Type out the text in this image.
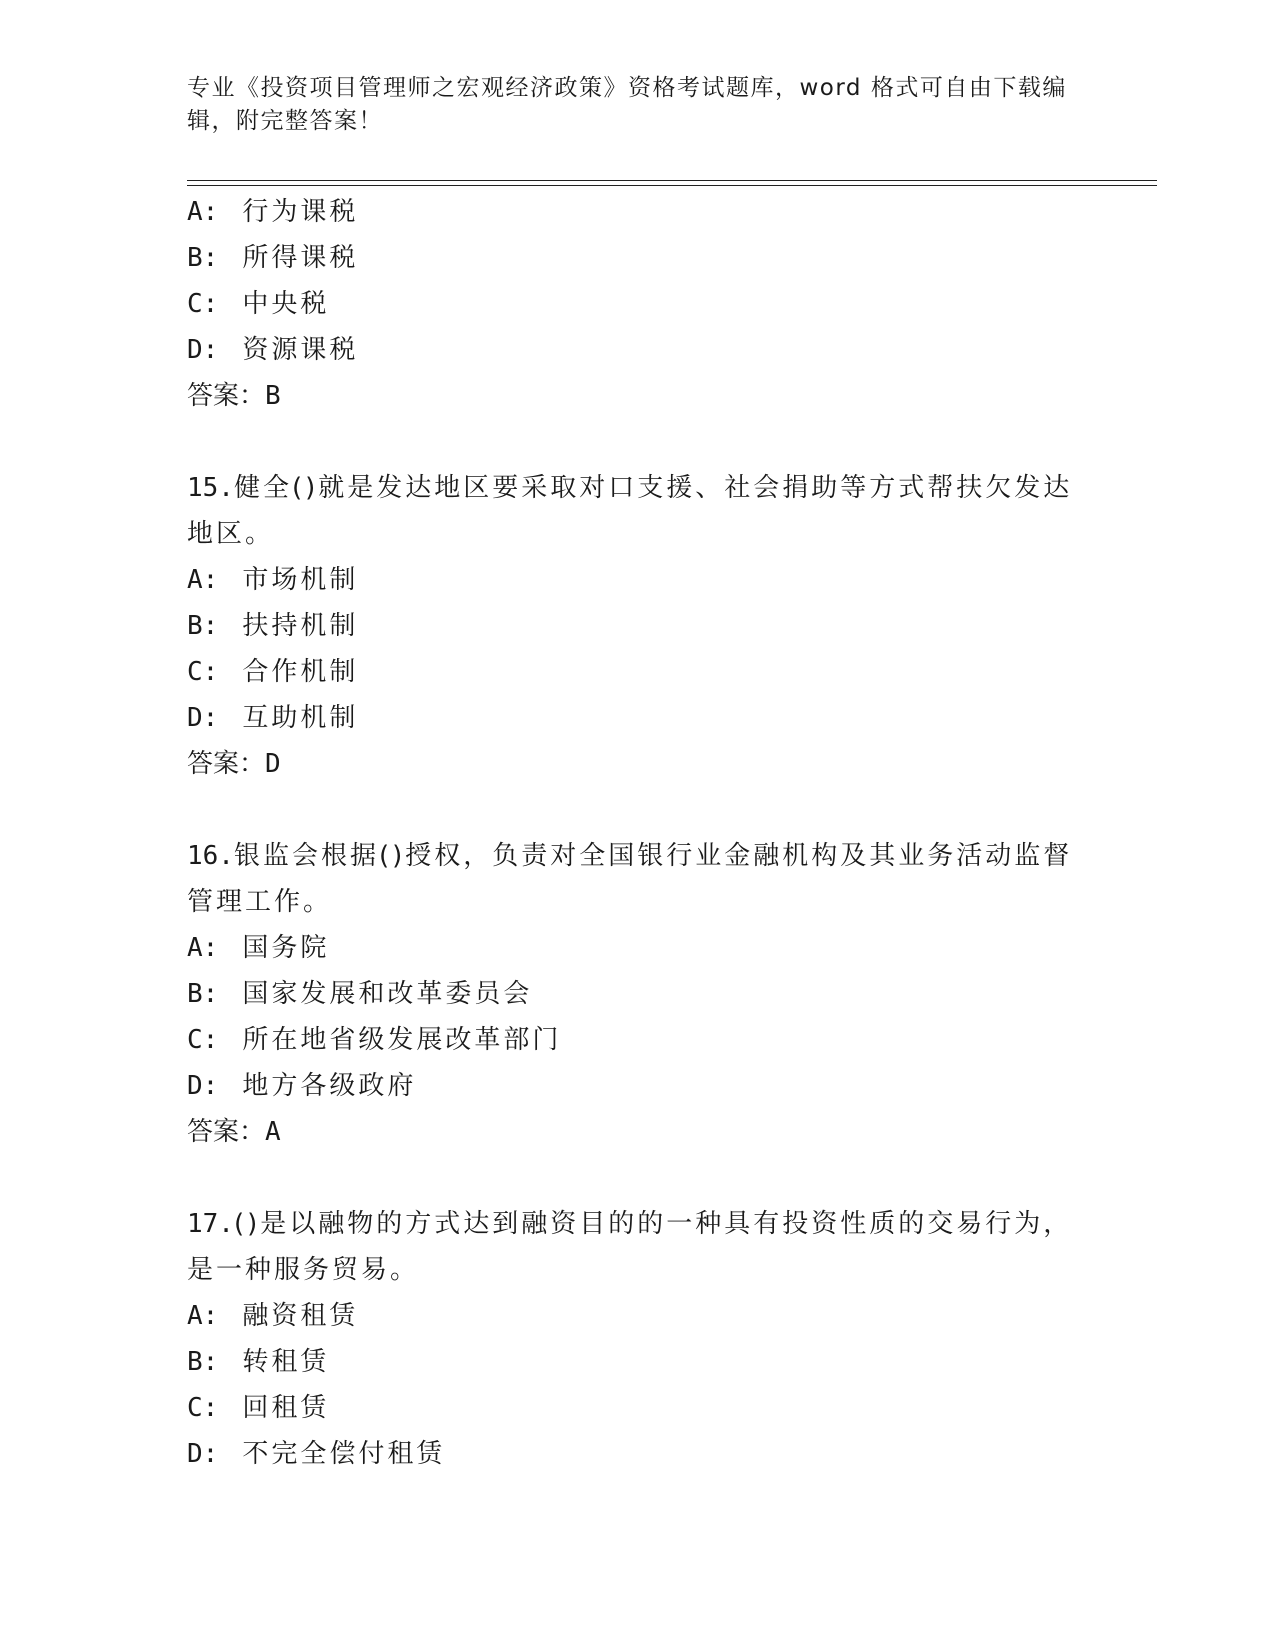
专业《投资项目管理师之宏观经济政策》资格考试题库，word 格式可自由下载编
辑，附完整答案！
A: 行为课税
B: 所得课税
C: 中央税
D: 资源课税
答案：B
15.健全()就是发达地区要采取对口支援、社会捐助等方式帮扶欠发达
地区。
A: 市场机制
B: 扶持机制
C: 合作机制
D: 互助机制
答案：D
16.银监会根据()授权，负责对全国银行业金融机构及其业务活动监督
管理工作。
A: 国务院
B: 国家发展和改革委员会
C: 所在地省级发展改革部门
D: 地方各级政府
答案：A
17.()是以融物的方式达到融资目的的一种具有投资性质的交易行为，
是一种服务贸易。
A: 融资租赁
B: 转租赁
C: 回租赁
D: 不完全偿付租赁
